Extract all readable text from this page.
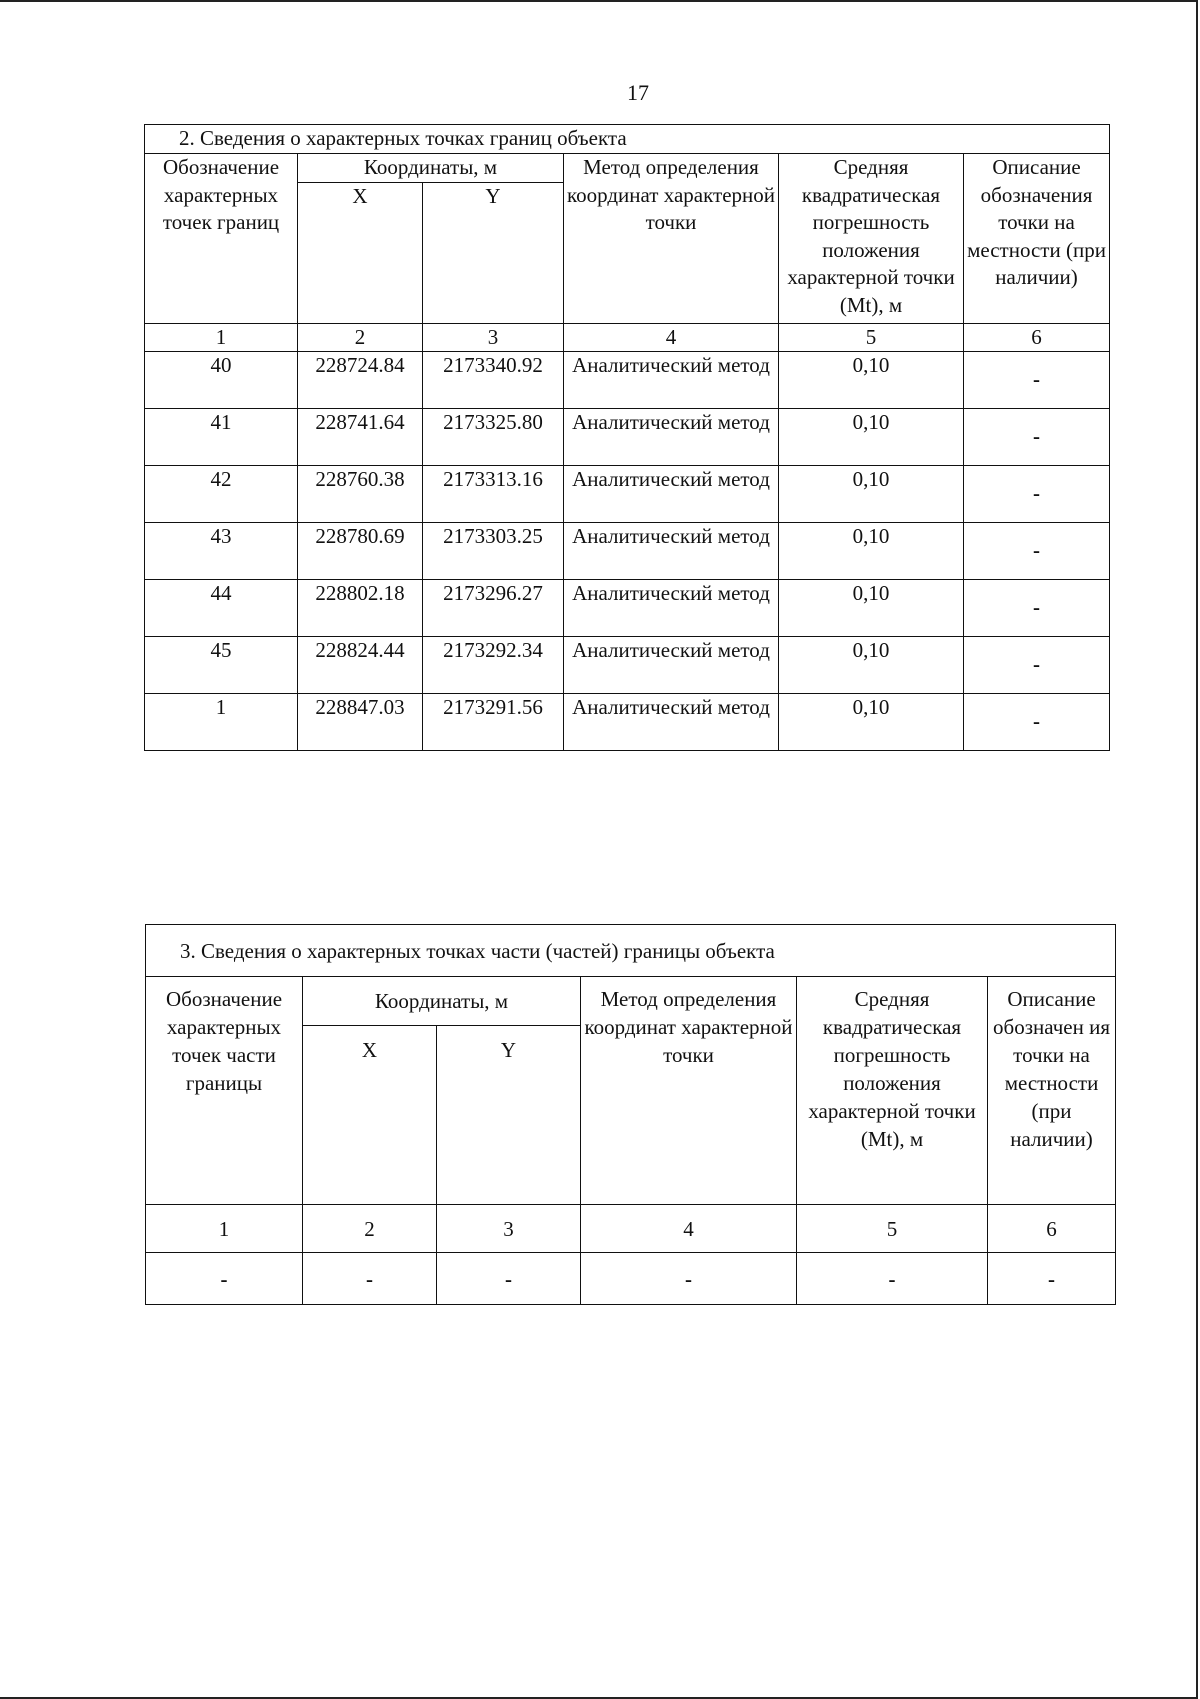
17
2. Сведения о характерных точках границ объекта					
Обозначение характерных точек границ	Координаты, м		Метод определения координат характерной точки	Средняя квадратическая погрешность положения характерной точки (Mt), м	Описание обозначения точки на местности (при наличии)
	X	Y			
1	2	3	4	5	6
40	228724.84	2173340.92	Аналитический метод	0,10	-
41	228741.64	2173325.80	Аналитический метод	0,10	-
42	228760.38	2173313.16	Аналитический метод	0,10	-
43	228780.69	2173303.25	Аналитический метод	0,10	-
44	228802.18	2173296.27	Аналитический метод	0,10	-
45	228824.44	2173292.34	Аналитический метод	0,10	-
1	228847.03	2173291.56	Аналитический метод	0,10	-
3. Сведения о характерных точках части (частей) границы объекта					
Обозначение характерных точек части границы	Координаты, м		Метод определения координат характерной точки	Средняя квадратическая погрешность положения характерной точки (Mt), м	Описание обозначен ия точки на местности (при наличии)
	X	Y			
1	2	3	4	5	6
-	-	-	-	-	-
